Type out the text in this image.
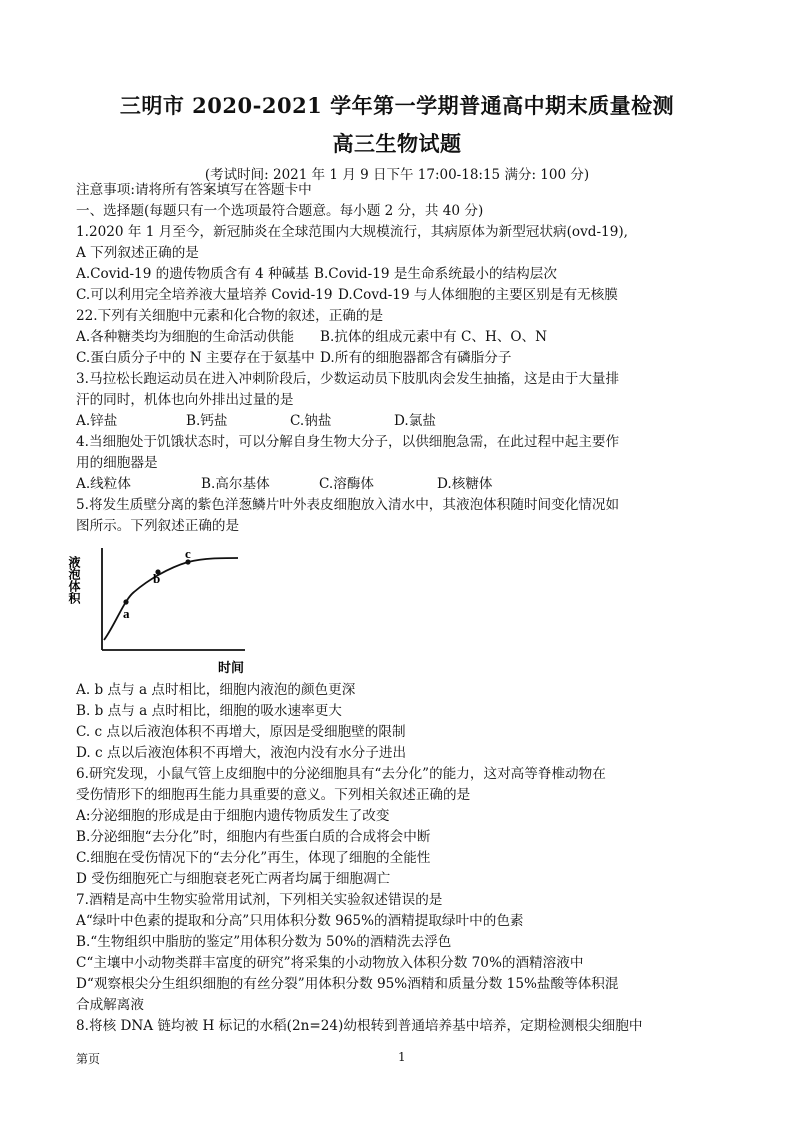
三明市 2020-2021 学年第一学期普通高中期末质量检测
高三生物试题
(考试时间: 2021 年 1 月 9 日下午 17:00-18:15 满分: 100 分)
注意事项:请将所有答案填写在答题卡中
一、选择题(每题只有一个选项最符合题意。每小题 2 分，共 40 分)
1.2020 年 1 月至今，新冠肺炎在全球范围内大规模流行，其病原体为新型冠状病(ovd-19),
A 下列叙述正确的是
A.Covid-19 的遗传物质含有 4 种碱基 B.Covid-19 是生命系统最小的结构层次
C.可以利用完全培养液大量培养 Covid-19 D.Covd-19 与人体细胞的主要区别是有无核膜
22.下列有关细胞中元素和化合物的叙述，正确的是
A.各种糖类均为细胞的生命活动供能 B.抗体的组成元素中有 C、H、O、N
C.蛋白质分子中的 N 主要存在于氨基中 D.所有的细胞器都含有磷脂分子
3.马拉松长跑运动员在进入冲刺阶段后，少数运动员下肢肌肉会发生抽搐，这是由于大量排
汗的同时，机体也向外排出过量的是
A.锌盐	B.钙盐	C.钠盐	D.氯盐
4.当细胞处于饥饿状态时，可以分解自身生物大分子，以供细胞急需，在此过程中起主要作
用的细胞器是
A.线粒体	B.高尔基体	C.溶酶体	D.核糖体
5.将发生质壁分离的紫色洋葱鳞片叶外表皮细胞放入清水中，其液泡体积随时间变化情况如
图所示。下列叙述正确的是
a
b
c
液泡体积
时间
A. b 点与 a 点时相比，细胞内液泡的颜色更深
B. b 点与 a 点时相比，细胞的吸水速率更大
C. c 点以后液泡体积不再增大，原因是受细胞壁的限制
D. c 点以后液泡体积不再增大，液泡内没有水分子进出
6.研究发现，小鼠气管上皮细胞中的分泌细胞具有“去分化”的能力，这对高等脊椎动物在
受伤情形下的细胞再生能力具重要的意义。下列相关叙述正确的是
A:分泌细胞的形成是由于细胞内遗传物质发生了改变
B.分泌细胞“去分化”时，细胞内有些蛋白质的合成将会中断
C.细胞在受伤情况下的“去分化”再生，体现了细胞的全能性
D 受伤细胞死亡与细胞衰老死亡两者均属于细胞凋亡
7.酒精是高中生物实验常用试剂，下列相关实验叙述错误的是
A“绿叶中色素的提取和分高”只用体积分数 965%的酒精提取绿叶中的色素
B.“生物组织中脂肪的鉴定”用体积分数为 50%的酒精洗去浮色
C“主壤中小动物类群丰富度的研究”将采集的小动物放入体积分数 70%的酒精溶液中
D“观察根尖分生组织细胞的有丝分裂”用体积分数 95%酒精和质量分数 15%盐酸等体积混
合成解离液
8.将核 DNA 链均被 H 标记的水稻(2n=24)幼根转到普通培养基中培养，定期检测根尖细胞中
第页	1
